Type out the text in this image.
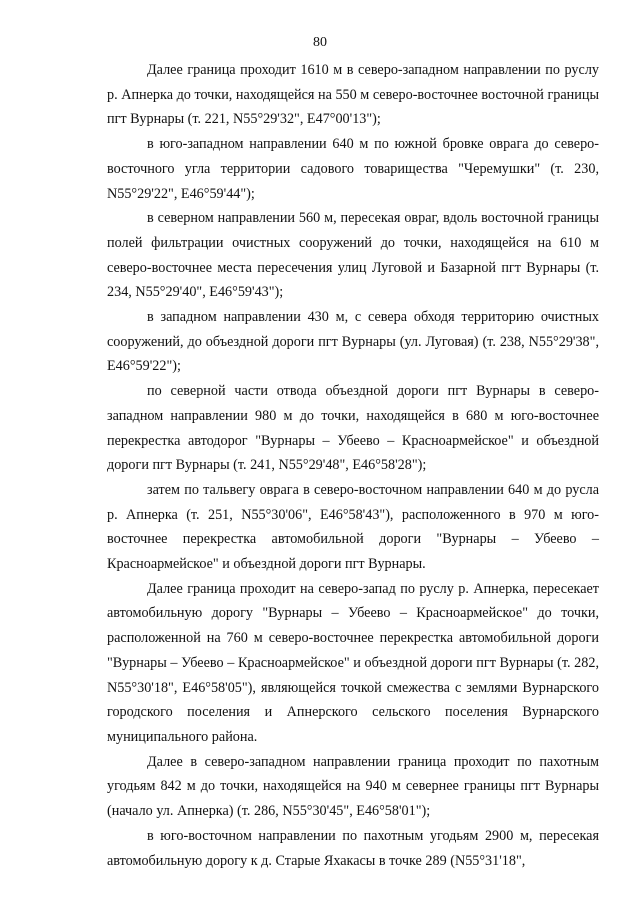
80

Далее граница проходит 1610 м в северо-западном направлении по руслу р. Апнерка до точки, находящейся на 550 м северо-восточнее восточной границы пгт Вурнары (т. 221, N55°29'32", E47°00'13");

в юго-западном направлении 640 м по южной бровке оврага до северо-восточного угла территории садового товарищества "Черемушки" (т. 230, N55°29'22", E46°59'44");

в северном направлении 560 м, пересекая овраг, вдоль восточной границы полей фильтрации очистных сооружений до точки, находящейся на 610 м северо-восточнее места пересечения улиц Луговой и Базарной пгт Вурнары (т. 234, N55°29'40", E46°59'43");

в западном направлении 430 м, с севера обходя территорию очистных сооружений, до объездной дороги пгт Вурнары (ул. Луговая) (т. 238, N55°29'38", E46°59'22");

по северной части отвода объездной дороги пгт Вурнары в северо-западном направлении 980 м до точки, находящейся в 680 м юго-восточнее перекрестка автодорог "Вурнары – Убеево – Красноармейское" и объездной дороги пгт Вурнары (т. 241, N55°29'48", E46°58'28");

затем по тальвегу оврага в северо-восточном направлении 640 м до русла р. Апнерка (т. 251, N55°30'06", E46°58'43"), расположенного в 970 м юго-восточнее перекрестка автомобильной дороги "Вурнары – Убеево – Красноармейское" и объездной дороги пгт Вурнары.

Далее граница проходит на северо-запад по руслу р. Апнерка, пересекает автомобильную дорогу "Вурнары – Убеево – Красноармейское" до точки, расположенной на 760 м северо-восточнее перекрестка автомобильной дороги "Вурнары – Убеево – Красноармейское" и объездной дороги пгт Вурнары (т. 282, N55°30'18", E46°58'05"), являющейся точкой смежества с землями Вурнарского городского поселения и Апнерского сельского поселения Вурнарского муниципального района.

Далее в северо-западном направлении граница проходит по пахотным угодьям 842 м до точки, находящейся на 940 м севернее границы пгт Вурнары (начало ул. Апнерка) (т. 286, N55°30'45", E46°58'01");

в юго-восточном направлении по пахотным угодьям 2900 м, пересекая автомобильную дорогу к д. Старые Яхакасы в точке 289 (N55°31'18",
